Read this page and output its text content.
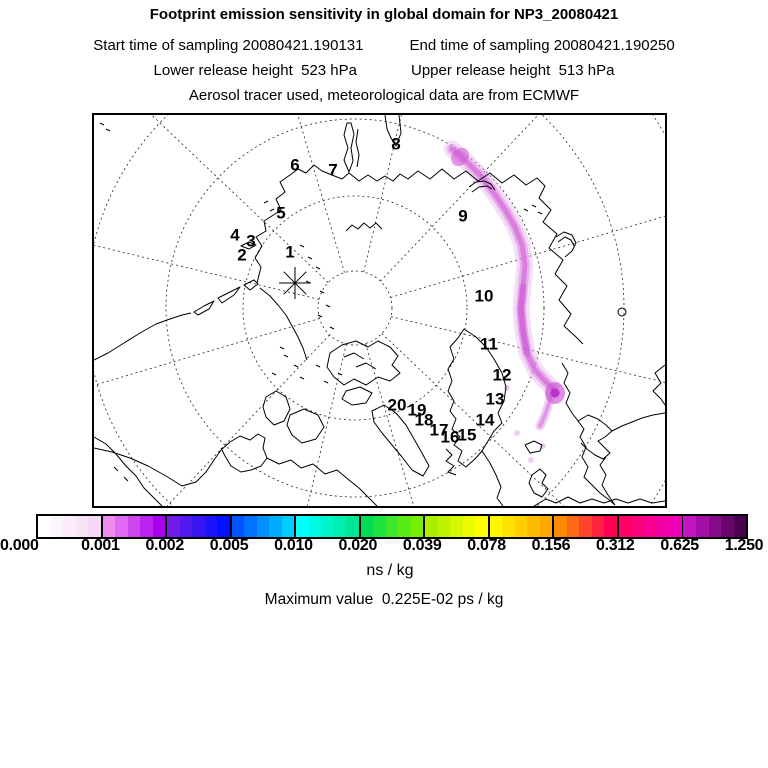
Footprint emission sensitivity in global domain for NP3_20080421
Start time of sampling 20080421.190131	End time of sampling 20080421.190250
Lower release height  523 hPa	Upper release height  513 hPa
Aerosol tracer used, meteorological data are from ECMWF
1
2
3
4
5
6 7
8
9
10
11
12
13
14
15
16
17
18
19
20
0.000	0.001 0.002 0.005 0.010 0.020 0.039 0.078 0.156 0.312 0.625 1.250
ns / kg
Maximum value  0.225E-02 ps / kg
